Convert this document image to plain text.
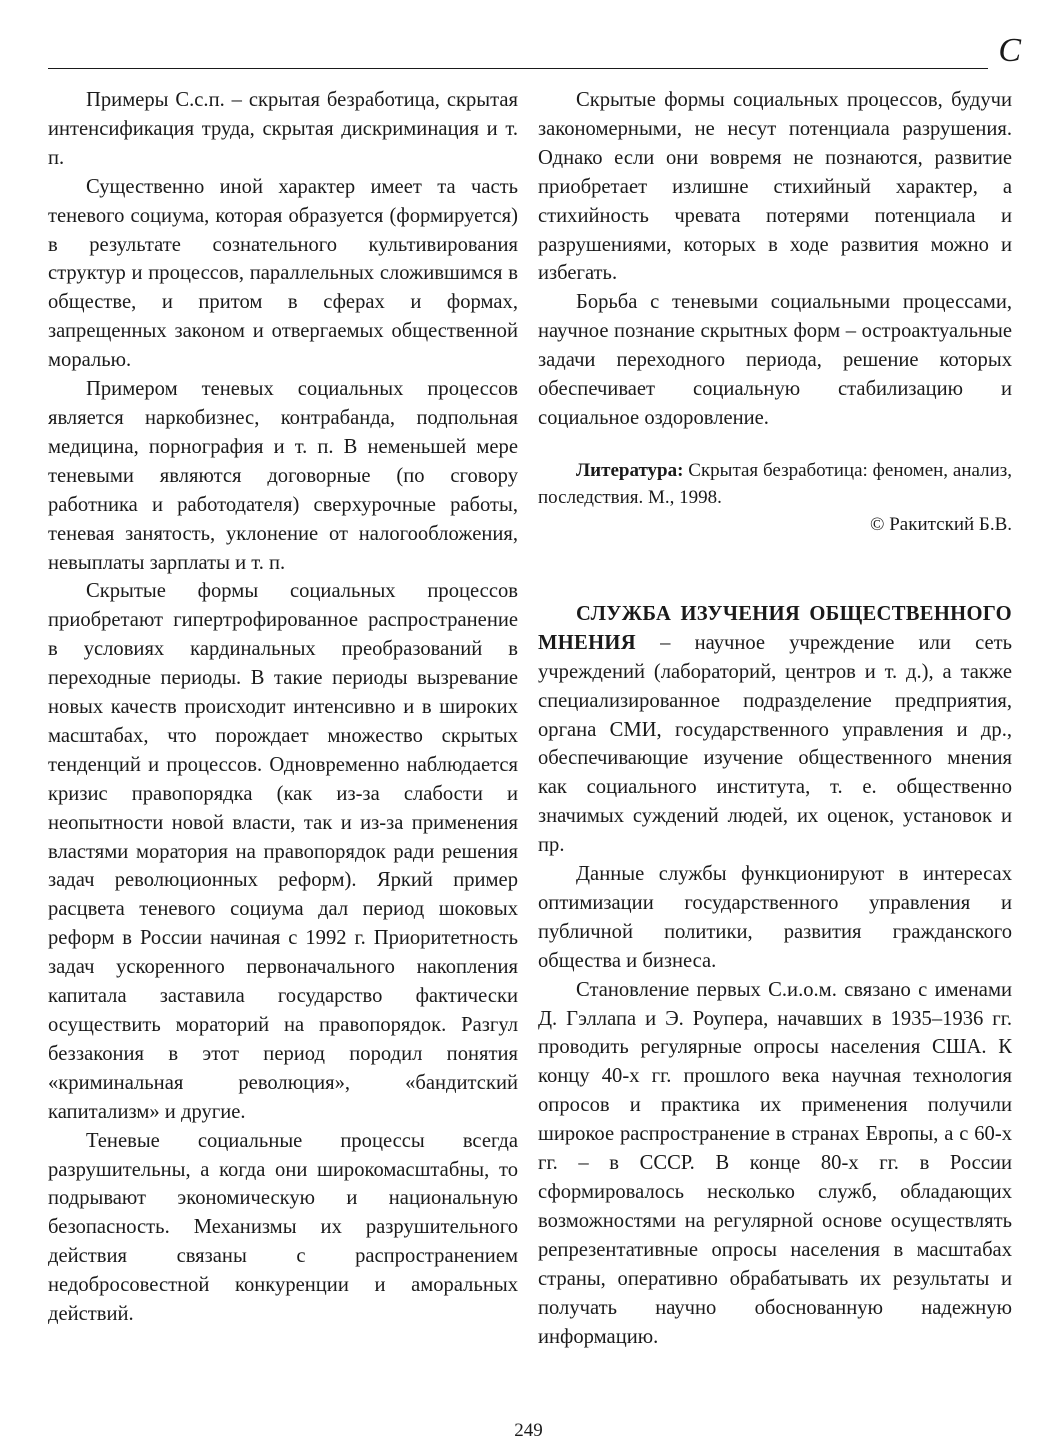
С

Примеры С.с.п. – скрытая безработица, скрытая интенсификация труда, скрытая дискриминация и т. п.

Существенно иной характер имеет та часть теневого социума, которая образуется (формируется) в результате сознательного культивирования структур и процессов, параллельных сложившимся в обществе, и притом в сферах и формах, запрещенных законом и отвергаемых общественной моралью.

Примером теневых социальных процессов является наркобизнес, контрабанда, подпольная медицина, порнография и т. п. В неменьшей мере теневыми являются договорные (по сговору работника и работодателя) сверхурочные работы, теневая занятость, уклонение от налогообложения, невыплаты зарплаты и т. п.

Скрытые формы социальных процессов приобретают гипертрофированное распространение в условиях кардинальных преобразований в переходные периоды. В такие периоды вызревание новых качеств происходит интенсивно и в широких масштабах, что порождает множество скрытых тенденций и процессов. Одновременно наблюдается кризис правопорядка (как из-за слабости и неопытности новой власти, так и из-за применения властями моратория на правопорядок ради решения задач революционных реформ). Яркий пример расцвета теневого социума дал период шоковых реформ в России начиная с 1992 г. Приоритетность задач ускоренного первоначального накопления капитала заставила государство фактически осуществить мораторий на правопорядок. Разгул беззакония в этот период породил понятия «криминальная революция», «бандитский капитализм» и другие.

Теневые социальные процессы всегда разрушительны, а когда они широкомасштабны, то подрывают экономическую и национальную безопасность. Механизмы их разрушительного действия связаны с распространением недобросовестной конкуренции и аморальных действий.

Скрытые формы социальных процессов, будучи закономерными, не несут потенциала разрушения. Однако если они вовремя не познаются, развитие приобретает излишне стихийный характер, а стихийность чревата потерями потенциала и разрушениями, которых в ходе развития можно и избегать.

Борьба с теневыми социальными процессами, научное познание скрытных форм – остроактуальные задачи переходного периода, решение которых обеспечивает социальную стабилизацию и социальное оздоровление.

Литература: Скрытая безработица: феномен, анализ, последствия. М., 1998.

© Ракитский Б.В.

СЛУЖБА ИЗУЧЕНИЯ ОБЩЕСТВЕННОГО МНЕНИЯ – научное учреждение или сеть учреждений (лабораторий, центров и т. д.), а также специализированное подразделение предприятия, органа СМИ, государственного управления и др., обеспечивающие изучение общественного мнения как социального института, т. е. общественно значимых суждений людей, их оценок, установок и пр.

Данные службы функционируют в интересах оптимизации государственного управления и публичной политики, развития гражданского общества и бизнеса.

Становление первых С.и.о.м. связано с именами Д. Гэллапа и Э. Роупера, начавших в 1935–1936 гг. проводить регулярные опросы населения США. К концу 40-х гг. прошлого века научная технология опросов и практика их применения получили широкое распространение в странах Европы, а с 60-х гг. – в СССР. В конце 80-х гг. в России сформировалось несколько служб, обладающих возможностями на регулярной основе осуществлять репрезентативные опросы населения в масштабах страны, оперативно обрабатывать их результаты и получать научно обоснованную надежную информацию.

249
